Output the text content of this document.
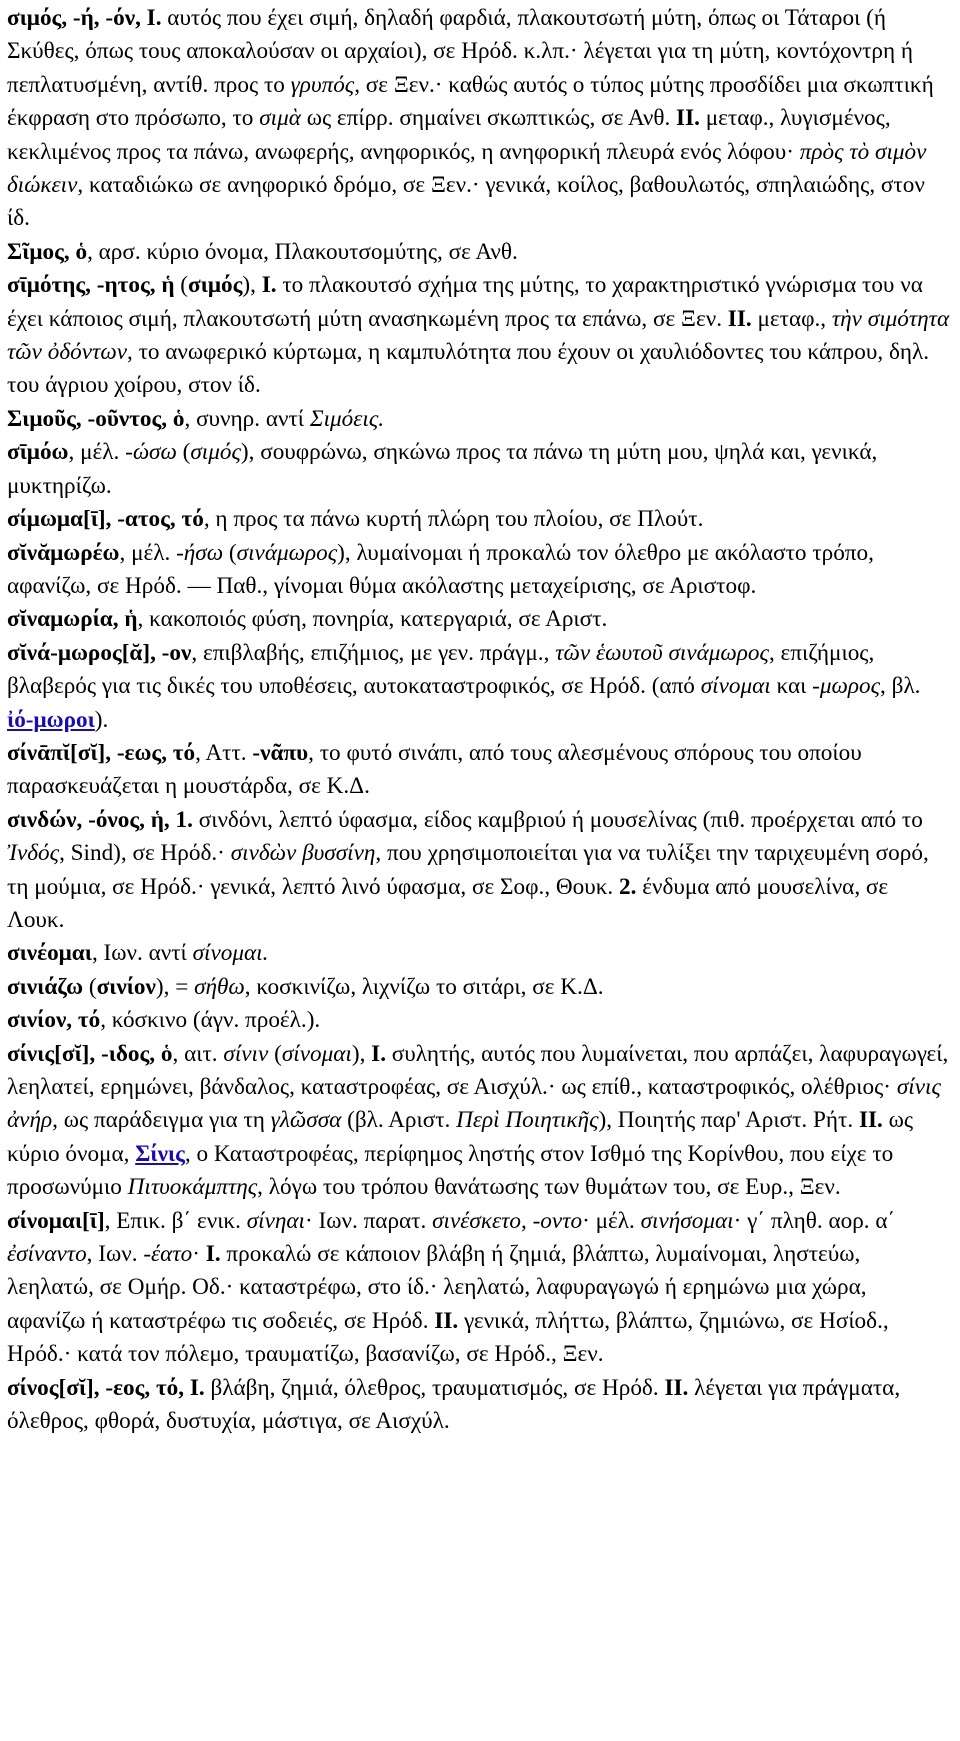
σιμός, -ή, -όν, I. αυτός που έχει σιμή, δηλαδή φαρδιά, πλακουτσωτή μύτη, όπως οι Τάταροι (ή Σκύθες, όπως τους αποκαλούσαν οι αρχαίοι), σε Ηρόδ. κ.λπ.· λέγεται για τη μύτη, κοντόχοντρη ή πεπλατυσμένη, αντίθ. προς το γρυπός, σε Ξεν.· καθώς αυτός ο τύπος μύτης προσδίδει μια σκωπτική έκφραση στο πρόσωπο, το σιμὰ ως επίρρ. σημαίνει σκωπτικώς, σε Ανθ. II. μεταφ., λυγισμένος, κεκλιμένος προς τα πάνω, ανωφερής, ανηφορικός, η ανηφορική πλευρά ενός λόφου· πρὸς τὸ σιμὸν διώκειν, καταδιώκω σε ανηφορικό δρόμο, σε Ξεν.· γενικά, κοίλος, βαθουλωτός, σπηλαιώδης, στον ίδ.

Σῖμος, ὁ, αρσ. κύριο όνομα, Πλακουτσομύτης, σε Ανθ.

σῑμότης, -ητος, ἡ (σιμός), I. το πλακουτσό σχήμα της μύτης, το χαρακτηριστικό γνώρισμα του να έχει κάποιος σιμή, πλακουτσωτή μύτη ανασηκωμένη προς τα επάνω, σε Ξεν. II. μεταφ., τὴν σιμότητα τῶν ὀδόντων, το ανωφερικό κύρτωμα, η καμπυλότητα που έχουν οι χαυλιόδοντες του κάπρου, δηλ. του άγριου χοίρου, στον ίδ.

Σιμοῦς, -οῦντος, ὁ, συνηρ. αντί Σιμόεις.

σῑμόω, μέλ. -ώσω (σιμός), σουφρώνω, σηκώνω προς τα πάνω τη μύτη μου, ψηλά και, γενικά, μυκτηρίζω.

σίμωμα[ῑ], -ατος, τό, η προς τα πάνω κυρτή πλώρη του πλοίου, σε Πλούτ.

σῐνᾰμωρέω, μέλ. -ήσω (σινάμωρος), λυμαίνομαι ή προκαλώ τον όλεθρο με ακόλαστο τρόπο, αφανίζω, σε Ηρόδ. — Παθ., γίνομαι θύμα ακόλαστης μεταχείρισης, σε Αριστοφ.

σῐναμωρία, ἡ, κακοποιός φύση, πονηρία, κατεργαριά, σε Αριστ.

σῐνά-μωρος[ᾰ], -ον, επιβλαβής, επιζήμιος, με γεν. πράγμ., τῶν ἑωυτοῦ σινάμωρος, επιζήμιος, βλαβερός για τις δικές του υποθέσεις, αυτοκαταστροφικός, σε Ηρόδ. (από σίνομαι και -μωρος, βλ. ἰό-μωροι).

σίνᾱπῐ[σῐ], -εως, τό, Αττ. -νᾶπυ, το φυτό σινάπι, από τους αλεσμένους σπόρους του οποίου παρασκευάζεται η μουστάρδα, σε Κ.Δ.

σινδών, -όνος, ἡ, 1. σινδόνι, λεπτό ύφασμα, είδος καμβριού ή μουσελίνας (πιθ. προέρχεται από το Ἰνδός, Sind), σε Ηρόδ.· σινδὼν βυσσίνη, που χρησιμοποιείται για να τυλίξει την ταριχευμένη σορό, τη μούμια, σε Ηρόδ.· γενικά, λεπτό λινό ύφασμα, σε Σοφ., Θουκ. 2. ένδυμα από μουσελίνα, σε Λουκ.

σινέομαι, Ιων. αντί σίνομαι.

σινιάζω (σινίον), = σήθω, κοσκινίζω, λιχνίζω το σιτάρι, σε Κ.Δ.

σινίον, τό, κόσκινο (άγν. προέλ.).

σίνις[σῐ], -ιδος, ὁ, αιτ. σίνιν (σίνομαι), I. συλητής, αυτός που λυμαίνεται, που αρπάζει, λαφυραγωγεί, λεηλατεί, ερημώνει, βάνδαλος, καταστροφέας, σε Αισχύλ.· ως επίθ., καταστροφικός, ολέθριος· σίνις ἀνήρ, ως παράδειγμα για τη γλῶσσα (βλ. Αριστ. Περὶ Ποιητικῆς), Ποιητής παρ' Αριστ. Ρήτ. II. ως κύριο όνομα, Σίνις, ο Καταστροφέας, περίφημος ληστής στον Ισθμό της Κορίνθου, που είχε το προσωνύμιο Πιτυοκάμπτης, λόγω του τρόπου θανάτωσης των θυμάτων του, σε Ευρ., Ξεν.

σίνομαι[ῑ], Επικ. β΄ ενικ. σίνηαι· Ιων. παρατ. σινέσκετο, -οντο· μέλ. σινήσομαι· γ΄ πληθ. αορ. α΄ ἐσίναντο, Ιων. -έατο· I. προκαλώ σε κάποιον βλάβη ή ζημιά, βλάπτω, λυμαίνομαι, ληστεύω, λεηλατώ, σε Ομήρ. Οδ.· καταστρέφω, στο ίδ.· λεηλατώ, λαφυραγωγώ ή ερημώνω μια χώρα, αφανίζω ή καταστρέφω τις σοδειές, σε Ηρόδ. II. γενικά, πλήττω, βλάπτω, ζημιώνω, σε Ησίοδ., Ηρόδ.· κατά τον πόλεμο, τραυματίζω, βασανίζω, σε Ηρόδ., Ξεν.

σίνος[σῐ], -εος, τό, I. βλάβη, ζημιά, όλεθρος, τραυματισμός, σε Ηρόδ. II. λέγεται για πράγματα, όλεθρος, φθορά, δυστυχία, μάστιγα, σε Αισχύλ.
